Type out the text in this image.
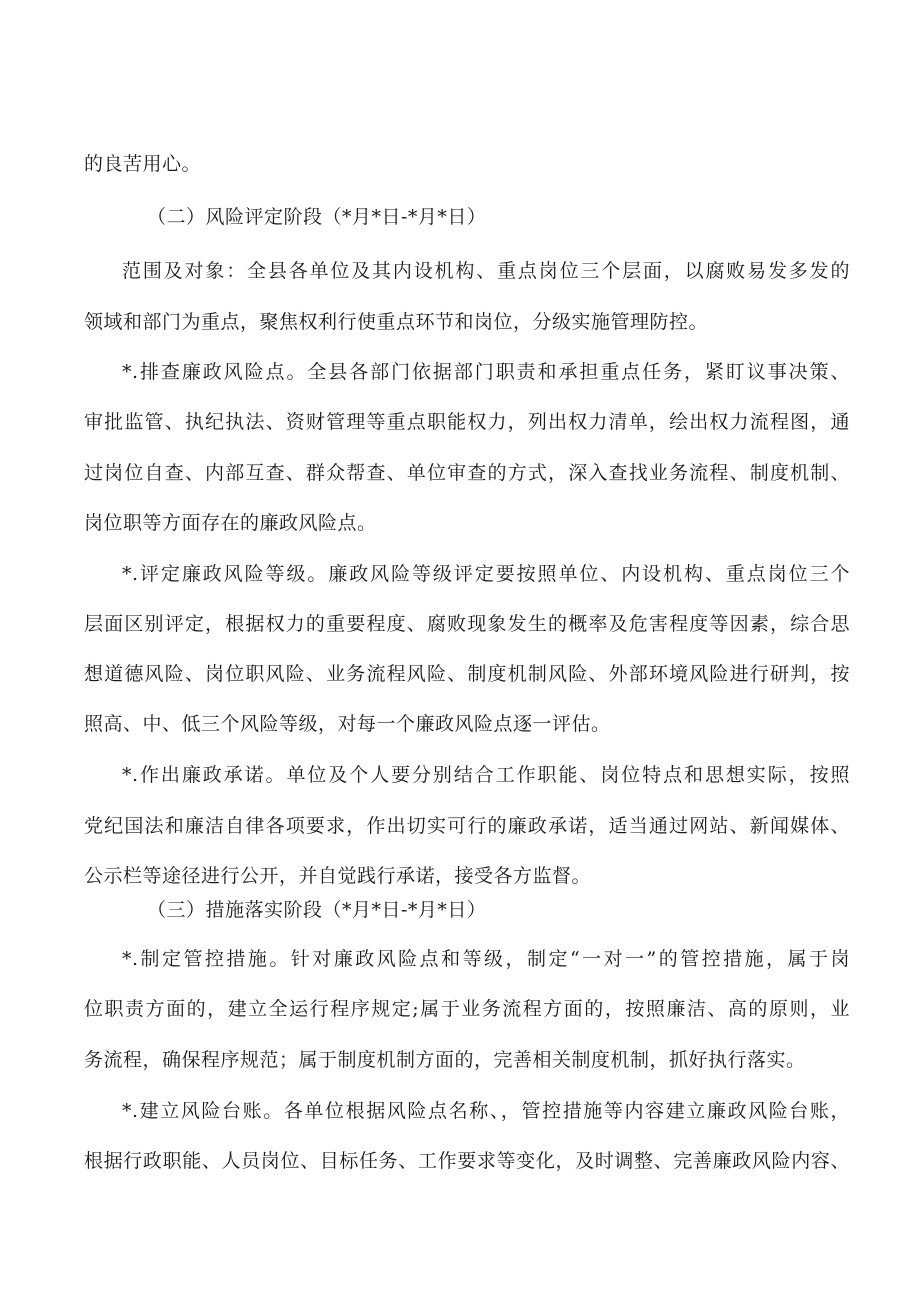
的良苦用心。
（二）风险评定阶段（*月*日-*月*日）
范围及对象：全县各单位及其内设机构、重点岗位三个层面，以腐败易发多发的
领域和部门为重点，聚焦权利行使重点环节和岗位，分级实施管理防控。
*.排查廉政风险点。全县各部门依据部门职责和承担重点任务，紧盯议事决策、
审批监管、执纪执法、资财管理等重点职能权力，列出权力清单，绘出权力流程图，通
过岗位自查、内部互查、群众帮查、单位审查的方式，深入查找业务流程、制度机制、
岗位职等方面存在的廉政风险点。
*.评定廉政风险等级。廉政风险等级评定要按照单位、内设机构、重点岗位三个
层面区别评定，根据权力的重要程度、腐败现象发生的概率及危害程度等因素，综合思
想道德风险、岗位职风险、业务流程风险、制度机制风险、外部环境风险进行研判，按
照高、中、低三个风险等级，对每一个廉政风险点逐一评估。
*.作出廉政承诺。单位及个人要分别结合工作职能、岗位特点和思想实际，按照
党纪国法和廉洁自律各项要求，作出切实可行的廉政承诺，适当通过网站、新闻媒体、
公示栏等途径进行公开，并自觉践行承诺，接受各方监督。
（三）措施落实阶段（*月*日-*月*日）
*.制定管控措施。针对廉政风险点和等级，制定“一对一”的管控措施，属于岗
位职责方面的，建立全运行程序规定;属于业务流程方面的，按照廉洁、高的原则，业
务流程，确保程序规范；属于制度机制方面的，完善相关制度机制，抓好执行落实。
*.建立风险台账。各单位根据风险点名称、，管控措施等内容建立廉政风险台账，
根据行政职能、人员岗位、目标任务、工作要求等变化，及时调整、完善廉政风险内容、
